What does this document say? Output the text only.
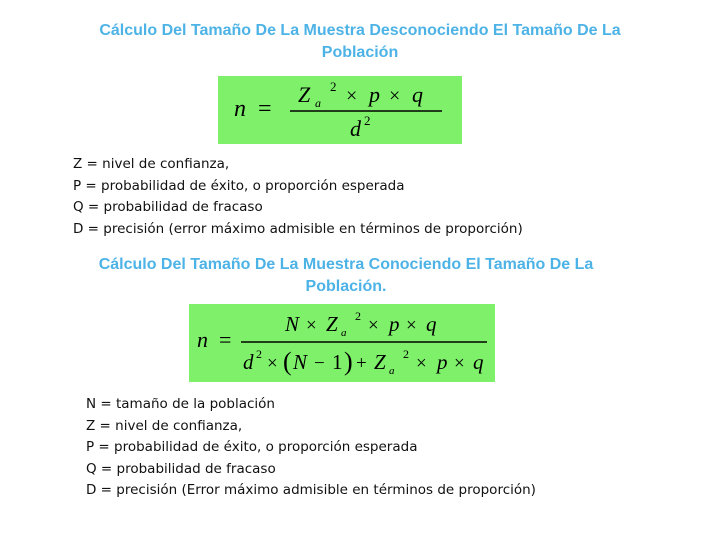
Cálculo Del Tamaño De La Muestra Desconociendo El Tamaño De La
Población
n =
Z a
2 × p × q
d 2
Z = nivel de confianza,
P = probabilidad de éxito, o proporción esperada
Q = probabilidad de fracaso
D = precisión (error máximo admisible en términos de proporción)
Cálculo Del Tamaño De La Muestra Conociendo El Tamaño De La
Población.
n =
N × Z a
2 × p × q
d 2 × ( N − 1 ) + Z a
2 × p × q
N = tamaño de la población
Z = nivel de confianza,
P = probabilidad de éxito, o proporción esperada
Q = probabilidad de fracaso
D = precisión (Error máximo admisible en términos de proporción)
